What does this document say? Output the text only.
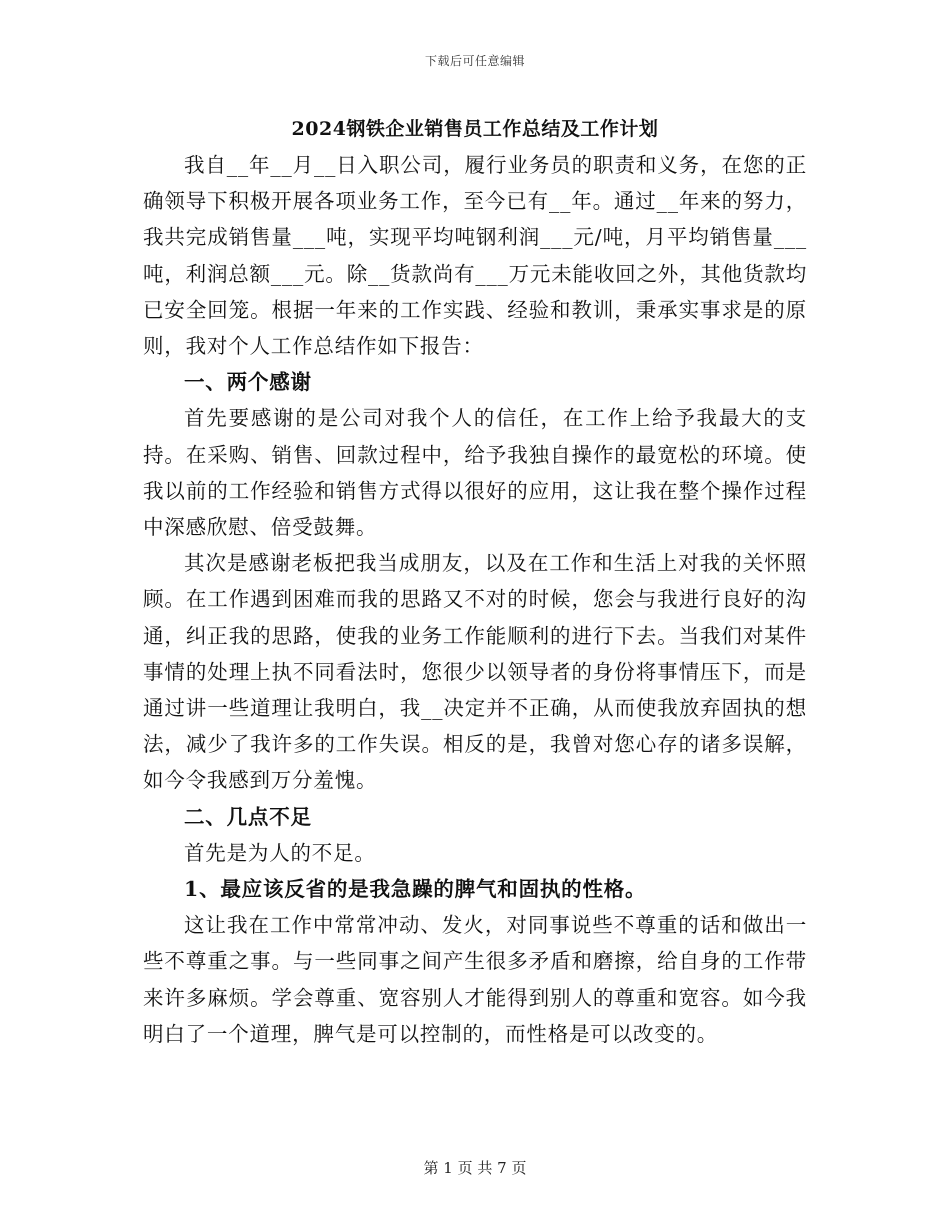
下载后可任意编辑
2024钢铁企业销售员工作总结及工作计划

我自__年__月__日入职公司，履行业务员的职责和义务，在您的正确领导下积极开展各项业务工作，至今已有__年。通过__年来的努力，我共完成销售量___吨，实现平均吨钢利润___元/吨，月平均销售量___吨，利润总额___元。除__货款尚有___万元未能收回之外，其他货款均已安全回笼。根据一年来的工作实践、经验和教训，秉承实事求是的原则，我对个人工作总结作如下报告：

一、两个感谢

首先要感谢的是公司对我个人的信任，在工作上给予我最大的支持。在采购、销售、回款过程中，给予我独自操作的最宽松的环境。使我以前的工作经验和销售方式得以很好的应用，这让我在整个操作过程中深感欣慰、倍受鼓舞。

其次是感谢老板把我当成朋友，以及在工作和生活上对我的关怀照顾。在工作遇到困难而我的思路又不对的时候，您会与我进行良好的沟通，纠正我的思路，使我的业务工作能顺利的进行下去。当我们对某件事情的处理上执不同看法时，您很少以领导者的身份将事情压下，而是通过讲一些道理让我明白，我__决定并不正确，从而使我放弃固执的想法，减少了我许多的工作失误。相反的是，我曾对您心存的诸多误解，如今令我感到万分羞愧。

二、几点不足

首先是为人的不足。

1、最应该反省的是我急躁的脾气和固执的性格。

这让我在工作中常常冲动、发火，对同事说些不尊重的话和做出一些不尊重之事。与一些同事之间产生很多矛盾和磨擦，给自身的工作带来许多麻烦。学会尊重、宽容别人才能得到别人的尊重和宽容。如今我明白了一个道理，脾气是可以控制的，而性格是可以改变的。

第 1 页 共 7 页
